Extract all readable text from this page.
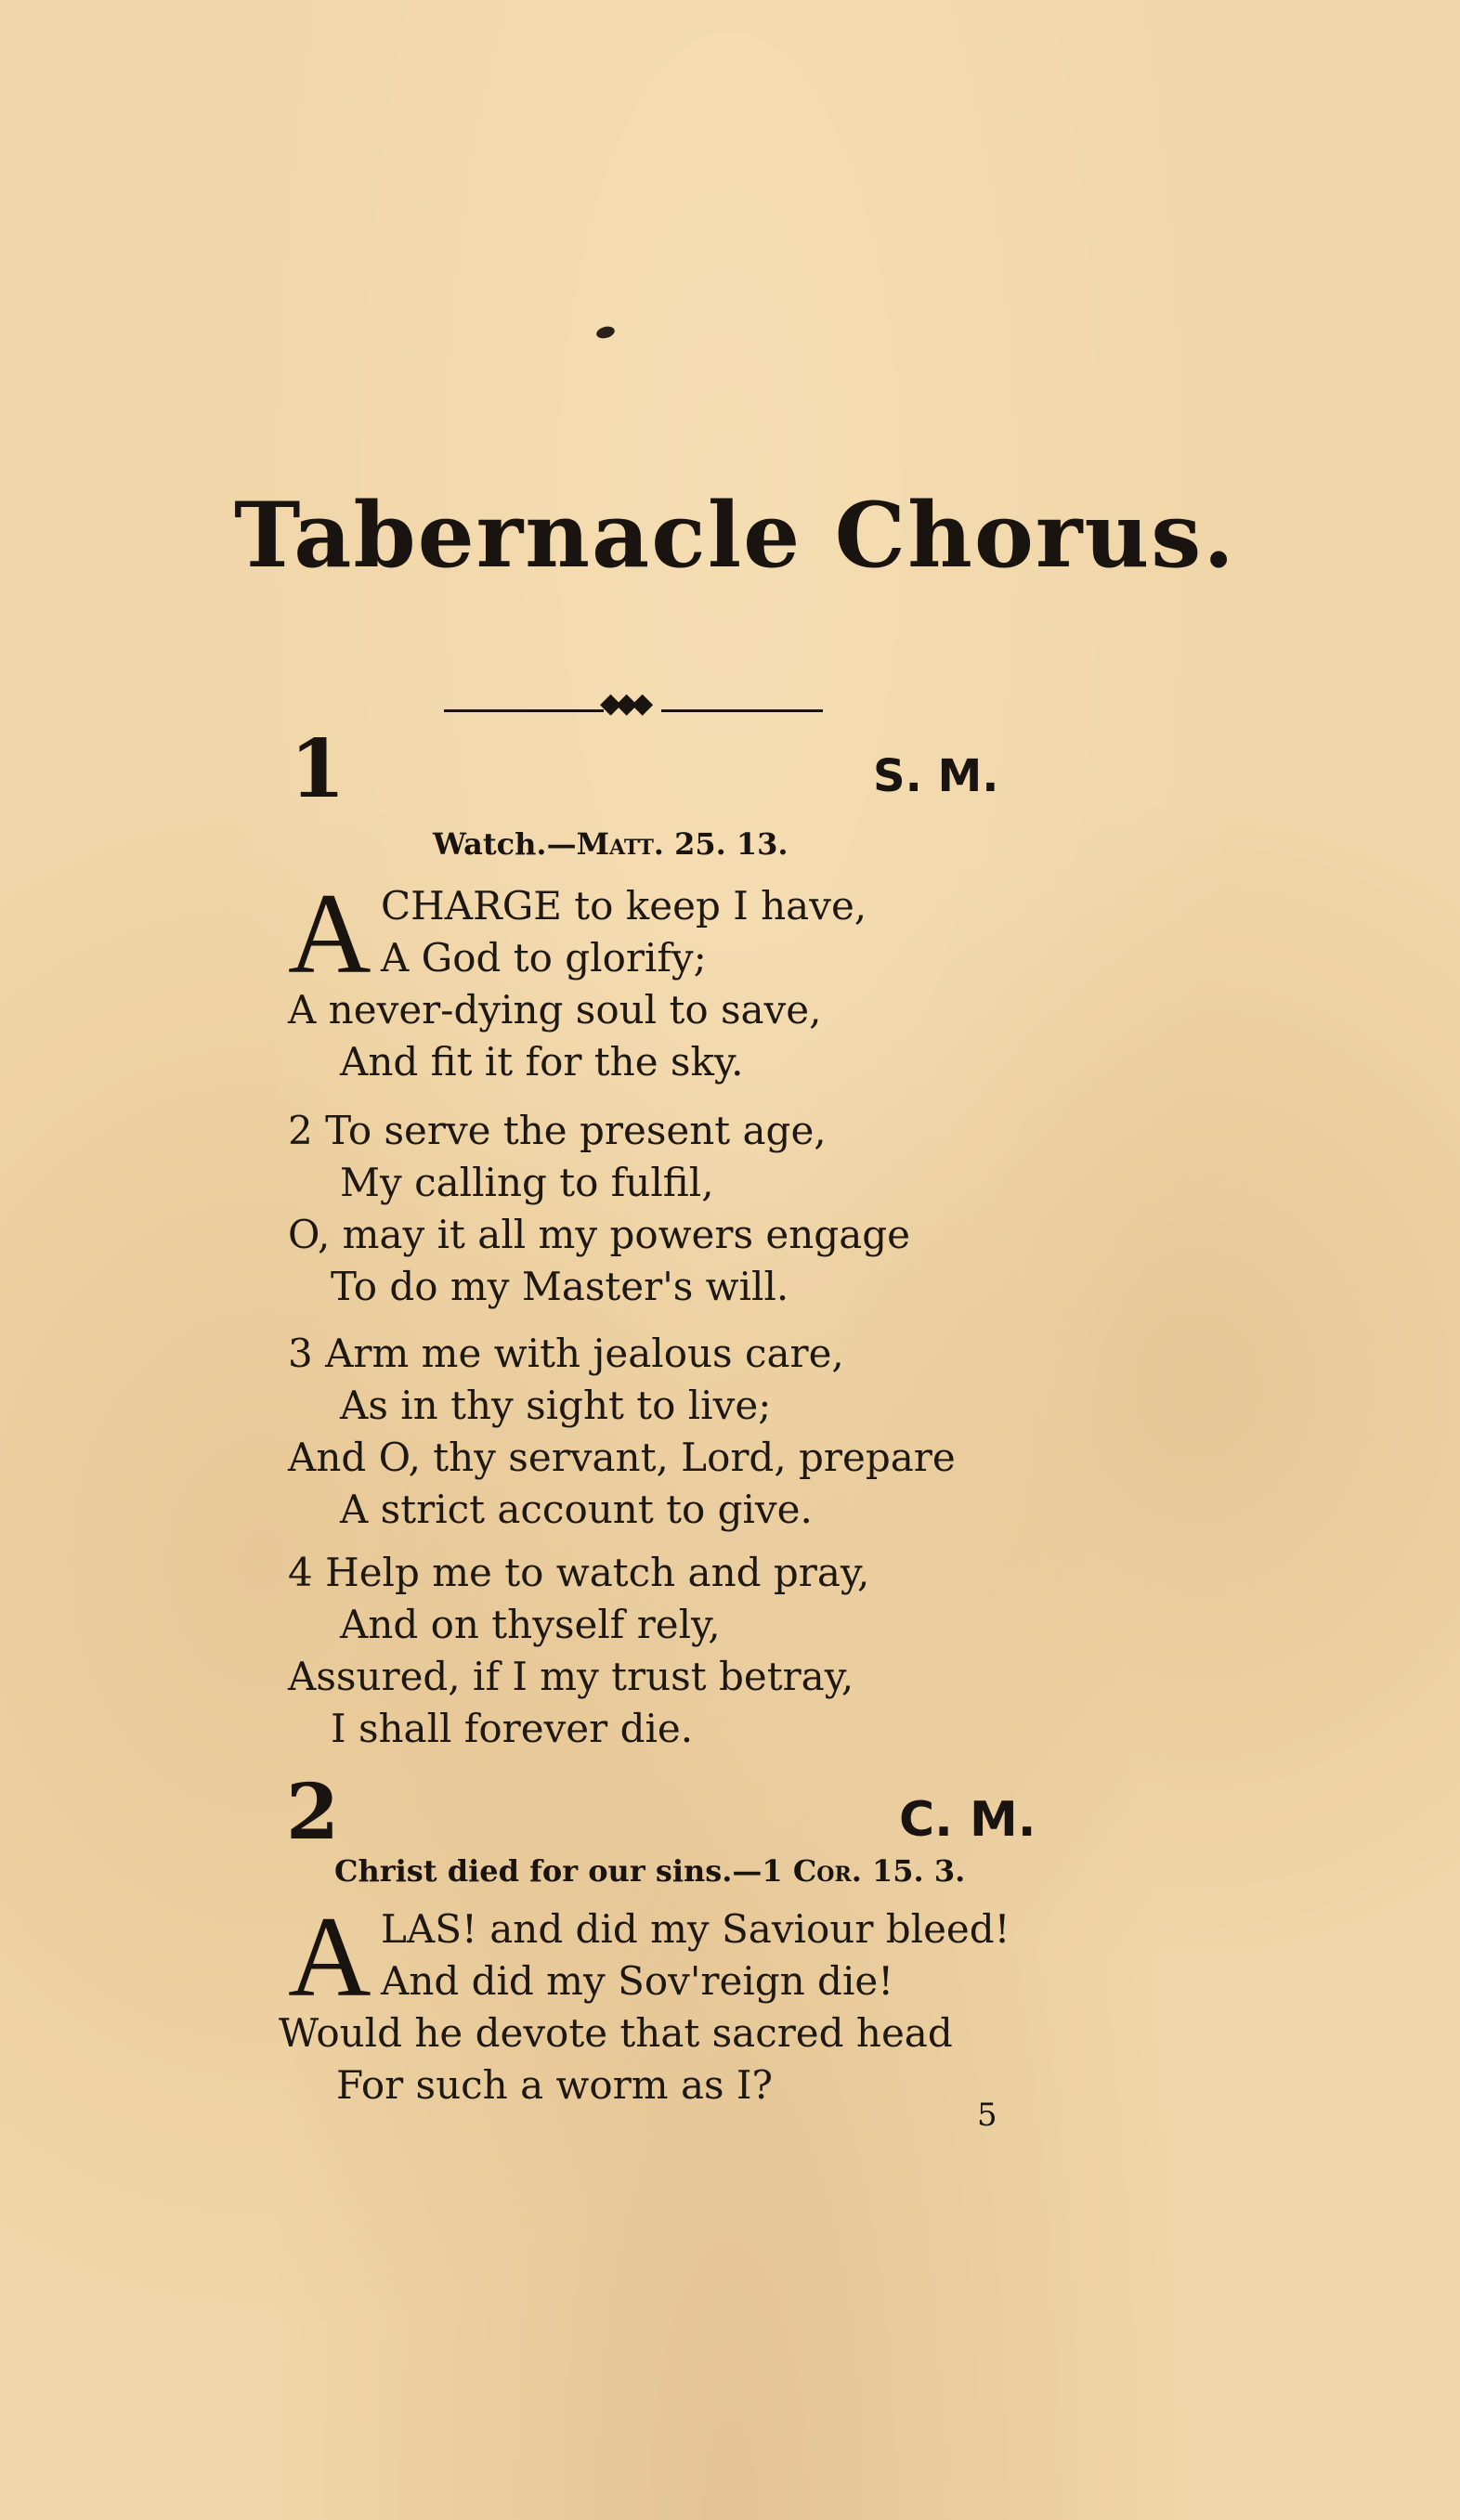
Tabernacle Chorus.
◆◆◆
1	S. M.
Watch.—Matt. 25. 13.
A CHARGE to keep I have,
A God to glorify;
A never-dying soul to save,
And fit it for the sky.
2 To serve the present age,
My calling to fulfil,
O, may it all my powers engage
To do my Master's will.
3 Arm me with jealous care,
As in thy sight to live;
And O, thy servant, Lord, prepare
A strict account to give.
4 Help me to watch and pray,
And on thyself rely,
Assured, if I my trust betray,
I shall forever die.
2	C. M.
Christ died for our sins.—1 Cor. 15. 3.
A LAS! and did my Saviour bleed!
And did my Sov'reign die!
Would he devote that sacred head
For such a worm as I?
5
